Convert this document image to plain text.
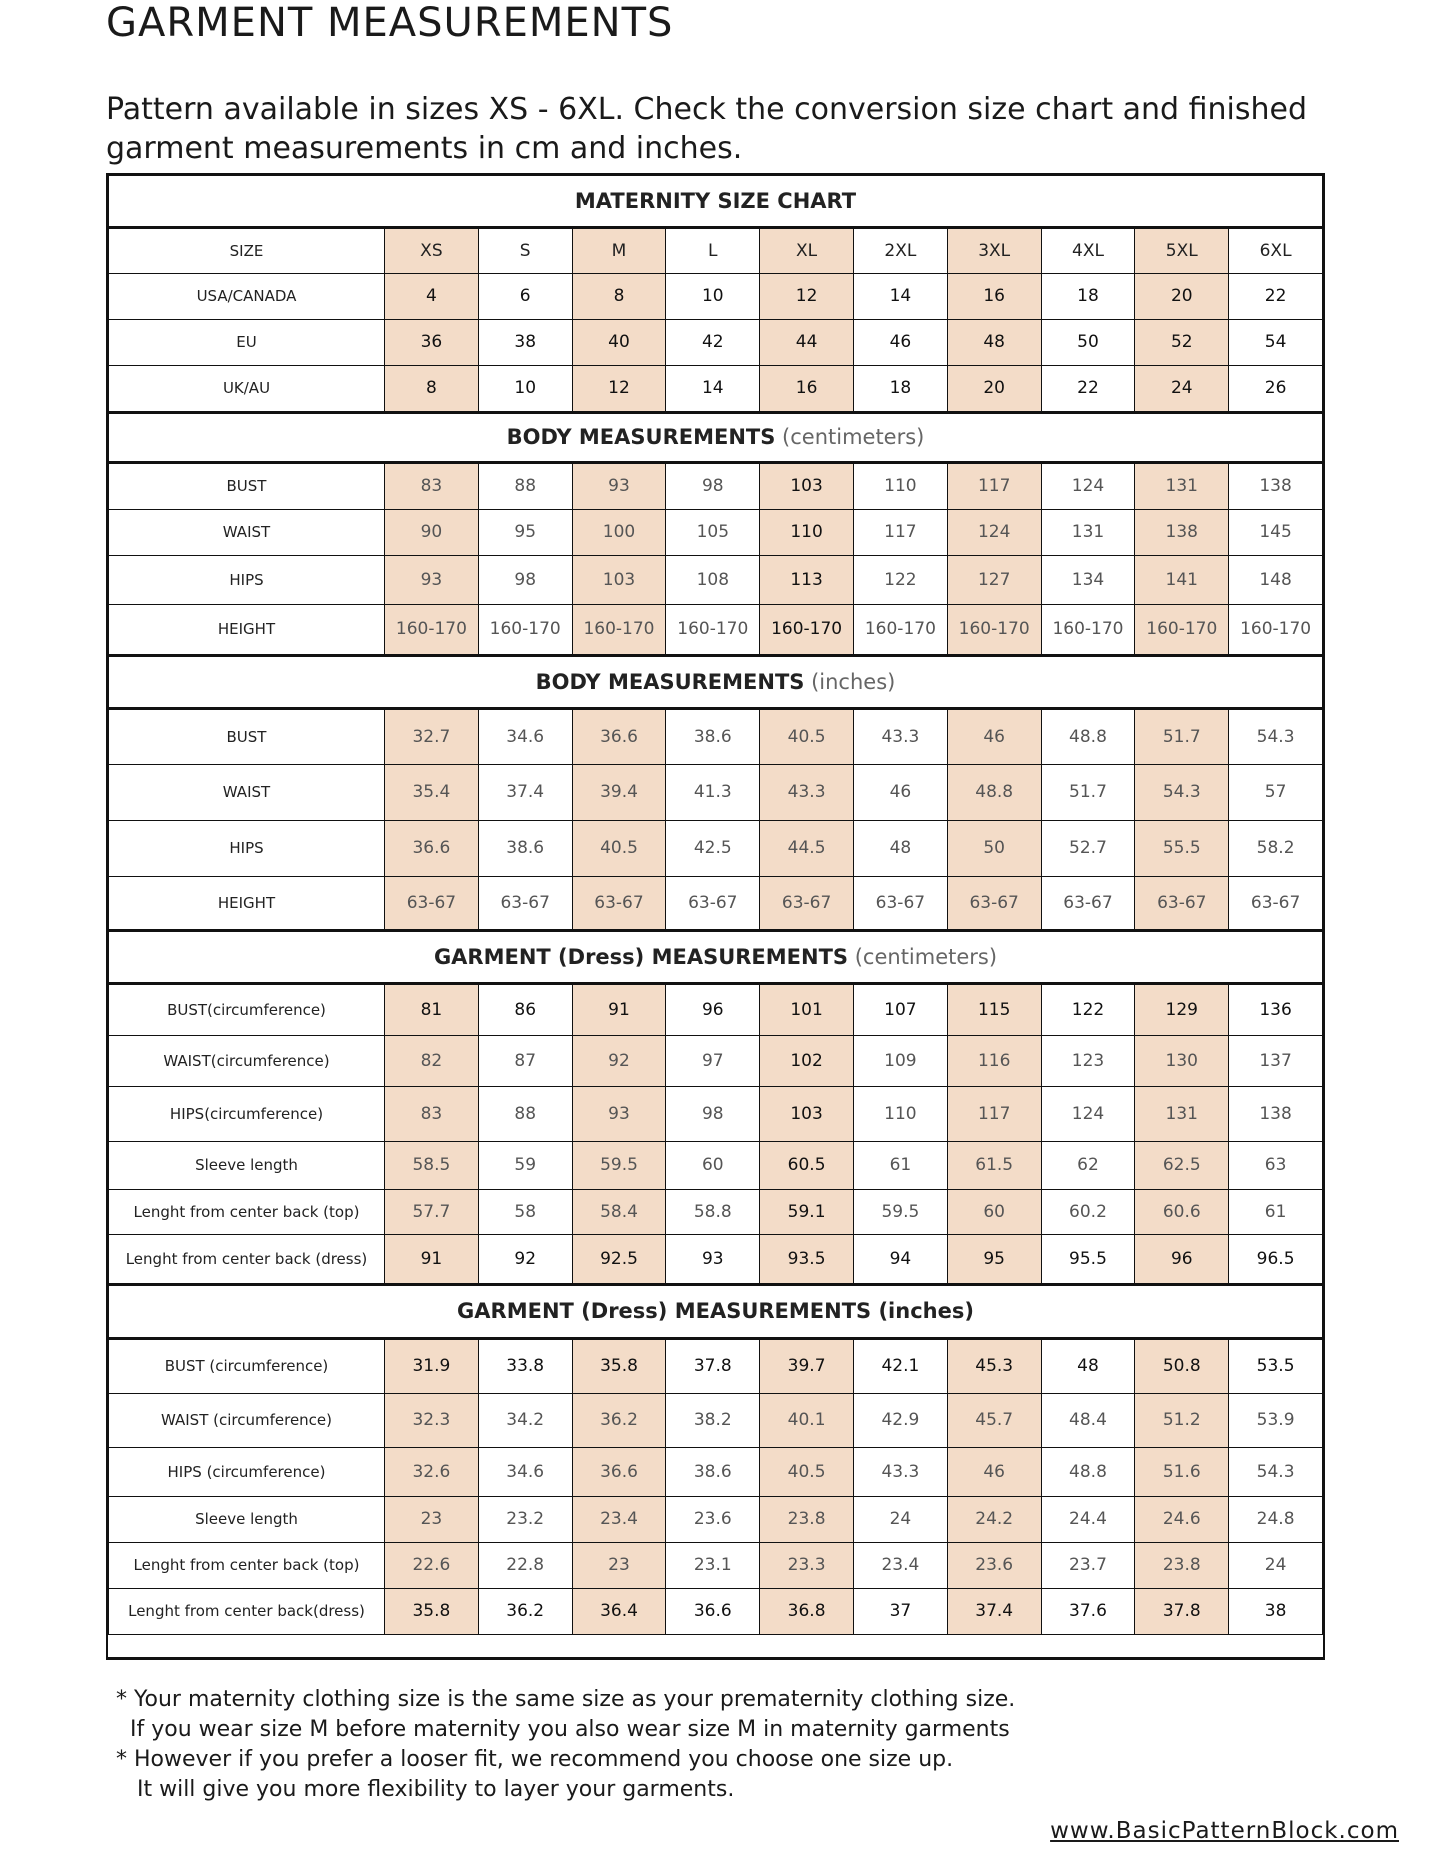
GARMENT MEASUREMENTS
Pattern available in sizes XS - 6XL. Check the conversion size chart and finished garment measurements in cm and inches.
MATERNITY SIZE CHART										
SIZE	XS	S	M	L	XL	2XL	3XL	4XL	5XL	6XL
USA/CANADA	4	6	8	10	12	14	16	18	20	22
EU	36	38	40	42	44	46	48	50	52	54
UK/AU	8	10	12	14	16	18	20	22	24	26
BODY MEASUREMENTS (centimeters)										
BUST	83	88	93	98	103	110	117	124	131	138
WAIST	90	95	100	105	110	117	124	131	138	145
HIPS	93	98	103	108	113	122	127	134	141	148
HEIGHT	160-170	160-170	160-170	160-170	160-170	160-170	160-170	160-170	160-170	160-170
BODY MEASUREMENTS (inches)										
BUST	32.7	34.6	36.6	38.6	40.5	43.3	46	48.8	51.7	54.3
WAIST	35.4	37.4	39.4	41.3	43.3	46	48.8	51.7	54.3	57
HIPS	36.6	38.6	40.5	42.5	44.5	48	50	52.7	55.5	58.2
HEIGHT	63-67	63-67	63-67	63-67	63-67	63-67	63-67	63-67	63-67	63-67
GARMENT (Dress) MEASUREMENTS (centimeters)										
BUST(circumference)	81	86	91	96	101	107	115	122	129	136
WAIST(circumference)	82	87	92	97	102	109	116	123	130	137
HIPS(circumference)	83	88	93	98	103	110	117	124	131	138
Sleeve length	58.5	59	59.5	60	60.5	61	61.5	62	62.5	63
Lenght from center back (top)	57.7	58	58.4	58.8	59.1	59.5	60	60.2	60.6	61
Lenght from center back (dress)	91	92	92.5	93	93.5	94	95	95.5	96	96.5
GARMENT (Dress) MEASUREMENTS (inches)										
BUST (circumference)	31.9	33.8	35.8	37.8	39.7	42.1	45.3	48	50.8	53.5
WAIST (circumference)	32.3	34.2	36.2	38.2	40.1	42.9	45.7	48.4	51.2	53.9
HIPS (circumference)	32.6	34.6	36.6	38.6	40.5	43.3	46	48.8	51.6	54.3
Sleeve length	23	23.2	23.4	23.6	23.8	24	24.2	24.4	24.6	24.8
Lenght from center back (top)	22.6	22.8	23	23.1	23.3	23.4	23.6	23.7	23.8	24
Lenght from center back(dress)	35.8	36.2	36.4	36.6	36.8	37	37.4	37.6	37.8	38
* Your maternity clothing size is the same size as your prematernity clothing size.
If you wear size M before maternity you also wear size M in maternity garments
* However if you prefer a looser fit, we recommend you choose one size up.
It will give you more flexibility to layer your garments.
www.BasicPatternBlock.com
